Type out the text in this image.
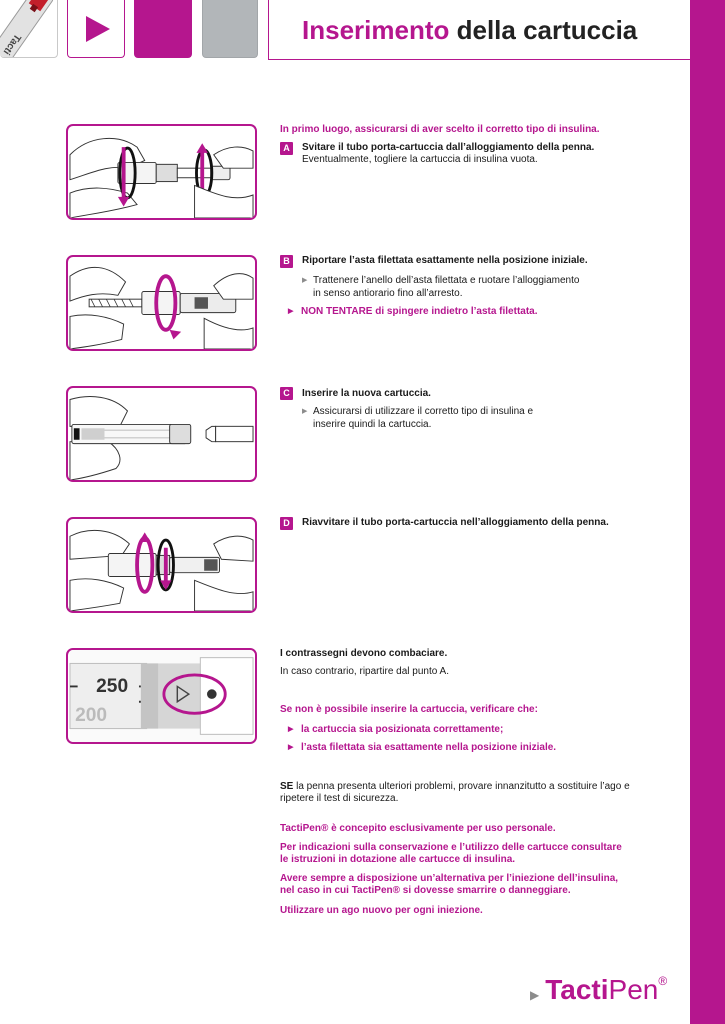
Tacti	Inserimento della cartuccia
In primo luogo, assicurarsi di aver scelto il corretto tipo di insulina.
A	Svitare il tubo porta-cartuccia dall’alloggiamento della penna.
Eventualmente, togliere la cartuccia di insulina vuota.
B	Riportare l’asta filettata esattamente nella posizione iniziale.
▶ Trattenere l’anello dell’asta filettata e ruotare l’alloggiamento
in senso antiorario fino all’arresto.
▶ NON TENTARE di spingere indietro l’asta filettata.
C	Inserire la nuova cartuccia.
▶ Assicurarsi di utilizzare il corretto tipo di insulina e
inserire quindi la cartuccia.
D	Riavvitare il tubo porta-cartuccia nell’alloggiamento della penna.
250
200
I contrassegni devono combaciare.
In caso contrario, ripartire dal punto A.
Se non è possibile inserire la cartuccia, verificare che:
▶ la cartuccia sia posizionata correttamente;
▶ l’asta filettata sia esattamente nella posizione iniziale.
SE la penna presenta ulteriori problemi, provare innanzitutto a sostituire l’ago e
ripetere il test di sicurezza.
TactiPen® è concepito esclusivamente per uso personale.
Per indicazioni sulla conservazione e l’utilizzo delle cartucce consultare
le istruzioni in dotazione alle cartucce di insulina.
Avere sempre a disposizione un’alternativa per l’iniezione dell’insulina,
nel caso in cui TactiPen® si dovesse smarrire o danneggiare.
Utilizzare un ago nuovo per ogni iniezione.
▶ TactiPen®
